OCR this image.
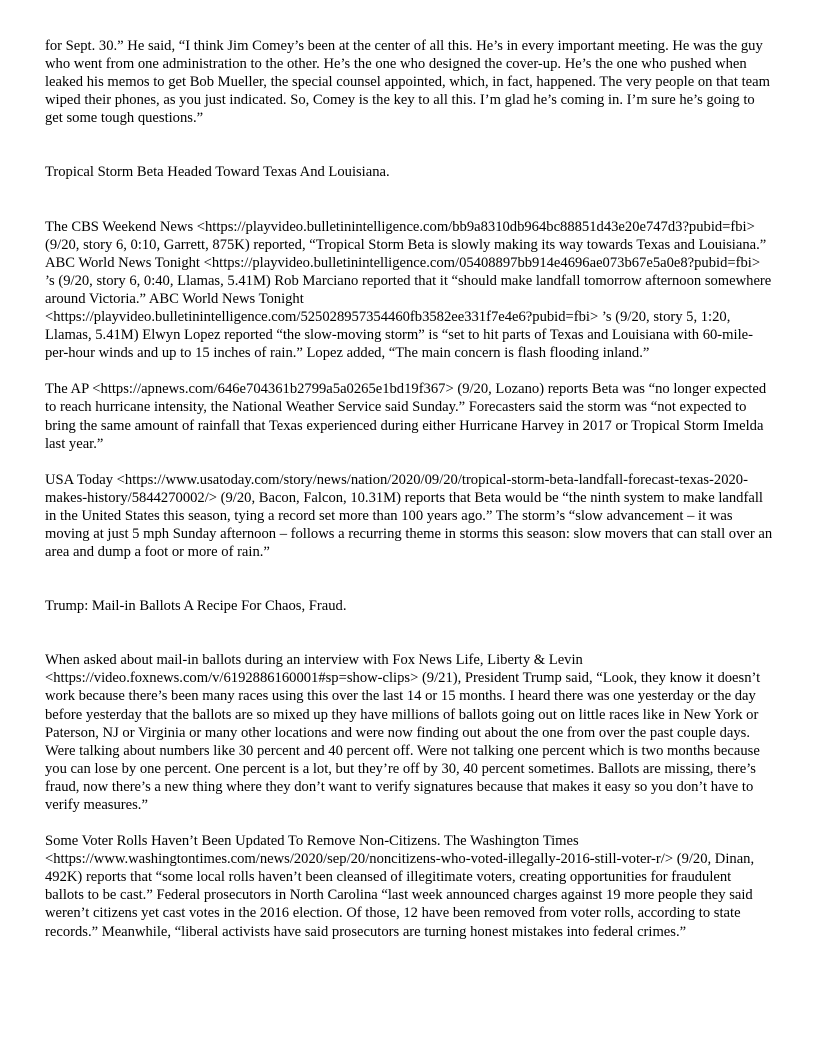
for Sept. 30.” He said, “I think Jim Comey’s been at the center of all this. He’s in every important meeting. He was the guy who went from one administration to the other. He’s the one who designed the cover-up. He’s the one who pushed when leaked his memos to get Bob Mueller, the special counsel appointed, which, in fact, happened. The very people on that team wiped their phones, as you just indicated. So, Comey is the key to all this. I’m glad he’s coming in. I’m sure he’s going to get some tough questions.”

Tropical Storm Beta Headed Toward Texas And Louisiana.

The CBS Weekend News <https://playvideo.bulletinintelligence.com/bb9a8310db964bc88851d43e20e747d3?pubid=fbi> (9/20, story 6, 0:10, Garrett, 875K) reported, “Tropical Storm Beta is slowly making its way towards Texas and Louisiana.” ABC World News Tonight <https://playvideo.bulletinintelligence.com/05408897bb914e4696ae073b67e5a0e8?pubid=fbi> ’s (9/20, story 6, 0:40, Llamas, 5.41M) Rob Marciano reported that it “should make landfall tomorrow afternoon somewhere around Victoria.” ABC World News Tonight <https://playvideo.bulletinintelligence.com/525028957354460fb3582ee331f7e4e6?pubid=fbi> ’s (9/20, story 5, 1:20, Llamas, 5.41M) Elwyn Lopez reported “the slow-moving storm” is “set to hit parts of Texas and Louisiana with 60-mile-per-hour winds and up to 15 inches of rain.” Lopez added, “The main concern is flash flooding inland.”

The AP <https://apnews.com/646e704361b2799a5a0265e1bd19f367> (9/20, Lozano) reports Beta was “no longer expected to reach hurricane intensity, the National Weather Service said Sunday.” Forecasters said the storm was “not expected to bring the same amount of rainfall that Texas experienced during either Hurricane Harvey in 2017 or Tropical Storm Imelda last year.”

USA Today <https://www.usatoday.com/story/news/nation/2020/09/20/tropical-storm-beta-landfall-forecast-texas-2020-makes-history/5844270002/> (9/20, Bacon, Falcon, 10.31M) reports that Beta would be “the ninth system to make landfall in the United States this season, tying a record set more than 100 years ago.” The storm’s “slow advancement – it was moving at just 5 mph Sunday afternoon – follows a recurring theme in storms this season: slow movers that can stall over an area and dump a foot or more of rain.”

Trump: Mail-in Ballots A Recipe For Chaos, Fraud.

When asked about mail-in ballots during an interview with Fox News Life, Liberty & Levin <https://video.foxnews.com/v/6192886160001#sp=show-clips> (9/21), President Trump said, “Look, they know it doesn’t work because there’s been many races using this over the last 14 or 15 months. I heard there was one yesterday or the day before yesterday that the ballots are so mixed up they have millions of ballots going out on little races like in New York or Paterson, NJ or Virginia or many other locations and were now finding out about the one from over the past couple days. Were talking about numbers like 30 percent and 40 percent off. Were not talking one percent which is two months because you can lose by one percent. One percent is a lot, but they’re off by 30, 40 percent sometimes. Ballots are missing, there’s fraud, now there’s a new thing where they don’t want to verify signatures because that makes it easy so you don’t have to verify measures.”

Some Voter Rolls Haven’t Been Updated To Remove Non-Citizens. The Washington Times <https://www.washingtontimes.com/news/2020/sep/20/noncitizens-who-voted-illegally-2016-still-voter-r/> (9/20, Dinan, 492K) reports that “some local rolls haven’t been cleansed of illegitimate voters, creating opportunities for fraudulent ballots to be cast.” Federal prosecutors in North Carolina “last week announced charges against 19 more people they said weren’t citizens yet cast votes in the 2016 election. Of those, 12 have been removed from voter rolls, according to state records.” Meanwhile, “liberal activists have said prosecutors are turning honest mistakes into federal crimes.”
